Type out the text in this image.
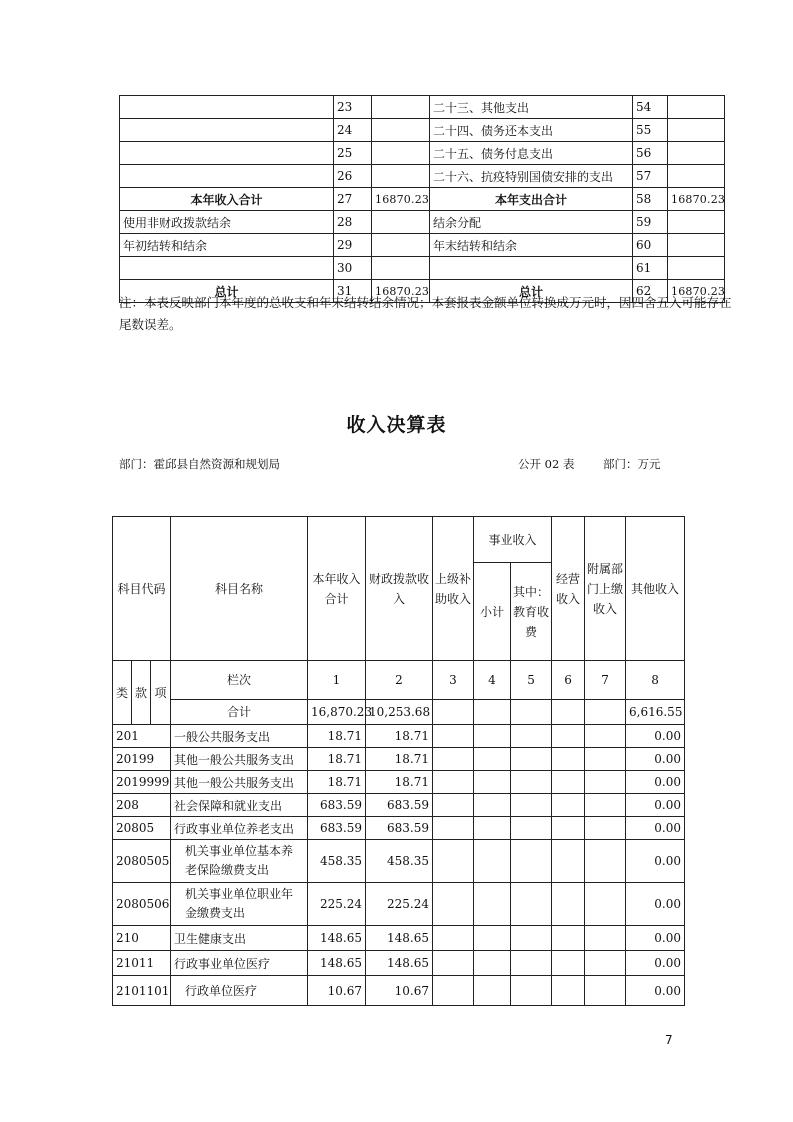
	23		二十三、其他支出	54	
	24		二十四、债务还本支出	55	
	25		二十五、债务付息支出	56	
	26		二十六、抗疫特别国债安排的支出	57	
本年收入合计	27	16870.23	本年支出合计	58	16870.23
使用非财政拨款结余	28		结余分配	59	
年初结转和结余	29		年末结转和结余	60	
	30			61	
总计	31	16870.23	总计	62	16870.23
注：本表反映部门本年度的总收支和年末结转结余情况；本套报表金额单位转换成万元时，因四舍五入可能存在尾数误差。
收入决算表
部门：霍邱县自然资源和规划局	公开 02 表 部门：万元
科目代码			科目名称	本年收入合计	财政拨款收入	上级补助收入	事业收入		经营收入	附属部门上缴收入	其他收入
							小计	其中：教育收费			

类	款	项	栏次	1	2	3	4	5	6	7	8
			合计	16,870.23	10,253.68						6,616.55
201			一般公共服务支出	18.71	18.71						0.00
20199			其他一般公共服务支出	18.71	18.71						0.00
2019999			其他一般公共服务支出	18.71	18.71						0.00
208			社会保障和就业支出	683.59	683.59						0.00
20805			行政事业单位养老支出	683.59	683.59						0.00
2080505			机关事业单位基本养老保险缴费支出	458.35	458.35						0.00
2080506			机关事业单位职业年金缴费支出	225.24	225.24						0.00
210			卫生健康支出	148.65	148.65						0.00
21011			行政事业单位医疗	148.65	148.65						0.00
2101101			行政单位医疗	10.67	10.67						0.00
7
